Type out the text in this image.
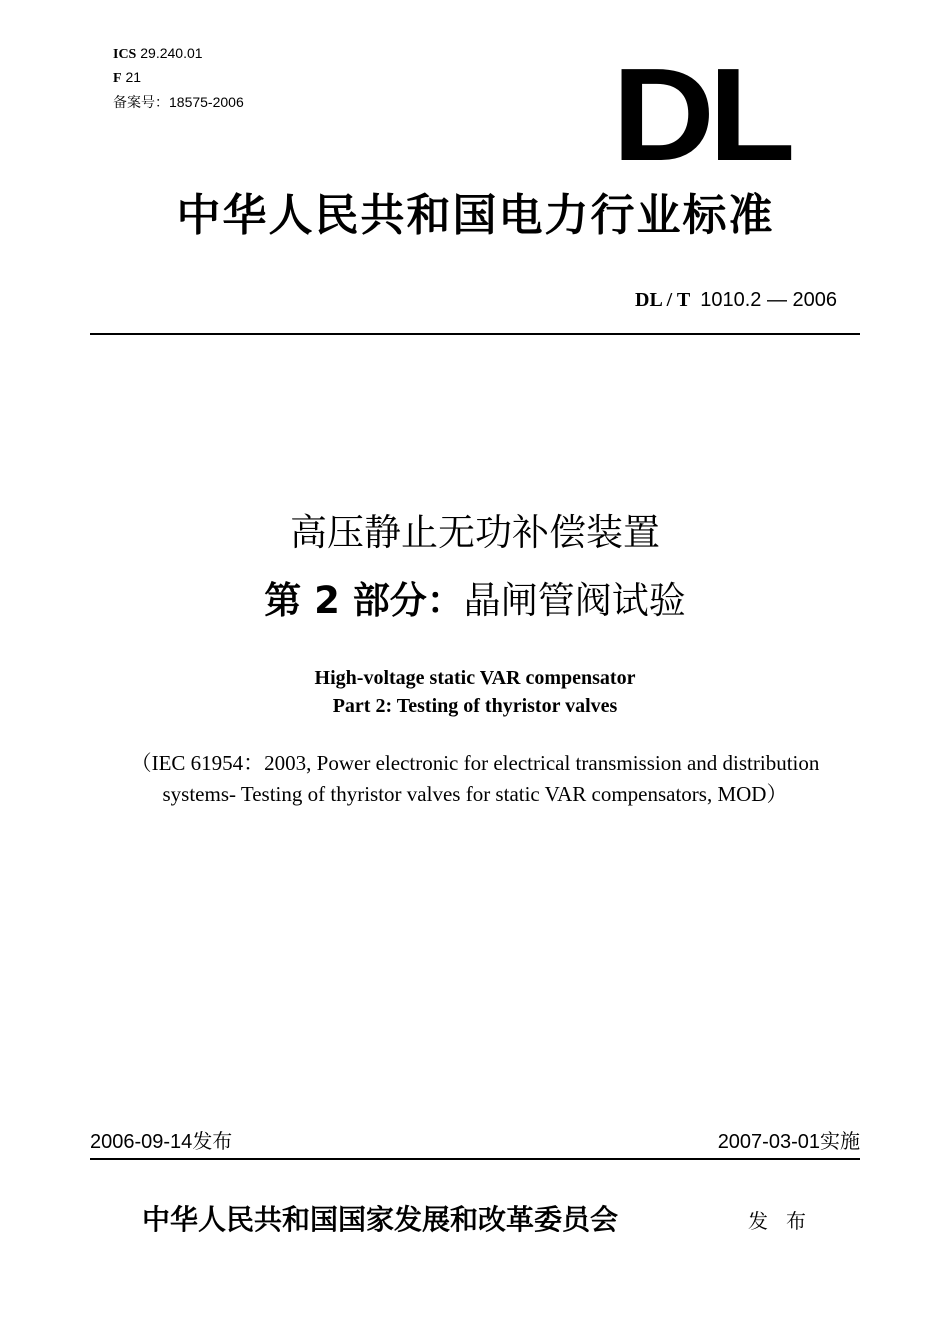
ICS 29.240.01
F 21
备案号：18575-2006	DL
中华人民共和国电力行业标准
DL / T 1010.2 — 2006
高压静止无功补偿装置
第 2 部分：晶闸管阀试验
High-voltage static VAR compensator
Part 2: Testing of thyristor valves
（IEC 61954：2003, Power electronic for electrical transmission and distribution
systems- Testing of thyristor valves for static VAR compensators, MOD）
2006-09-14发布	2007-03-01实施
中华人民共和国国家发展和改革委员会	发布
